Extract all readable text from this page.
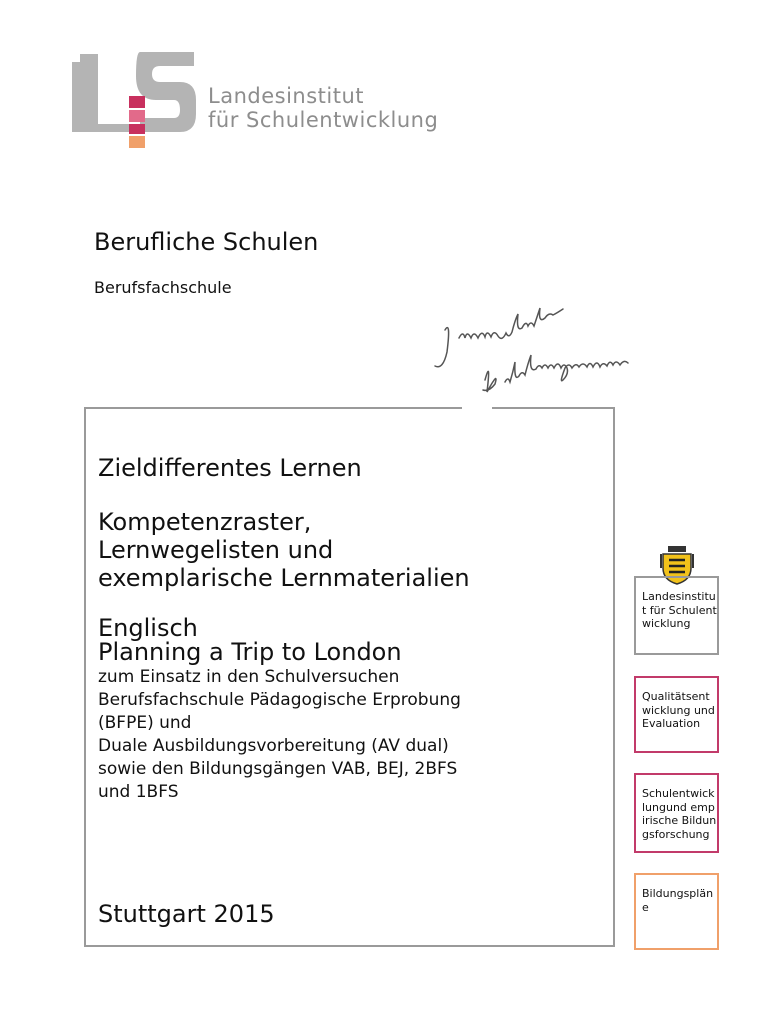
Landesinstitut
für Schulentwicklung
Berufliche Schulen
Berufsfachschule
Zieldifferentes Lernen
Kompetenzraster,
Lernwegelisten und
exemplarische Lernmaterialien
Englisch
Planning a Trip to London
zum Einsatz in den Schulversuchen
Berufsfachschule Pädagogische Erprobung
(BFPE) und
Duale Ausbildungsvorbereitung (AV dual)
sowie den Bildungsgängen VAB, BEJ, 2BFS
und 1BFS
Stuttgart 2015
Landesinstitut für Schulentwicklung
Qualitätsentwicklung und Evaluation
Schulentwicklungund empirische Bildungsforschung
Bildungspläne
